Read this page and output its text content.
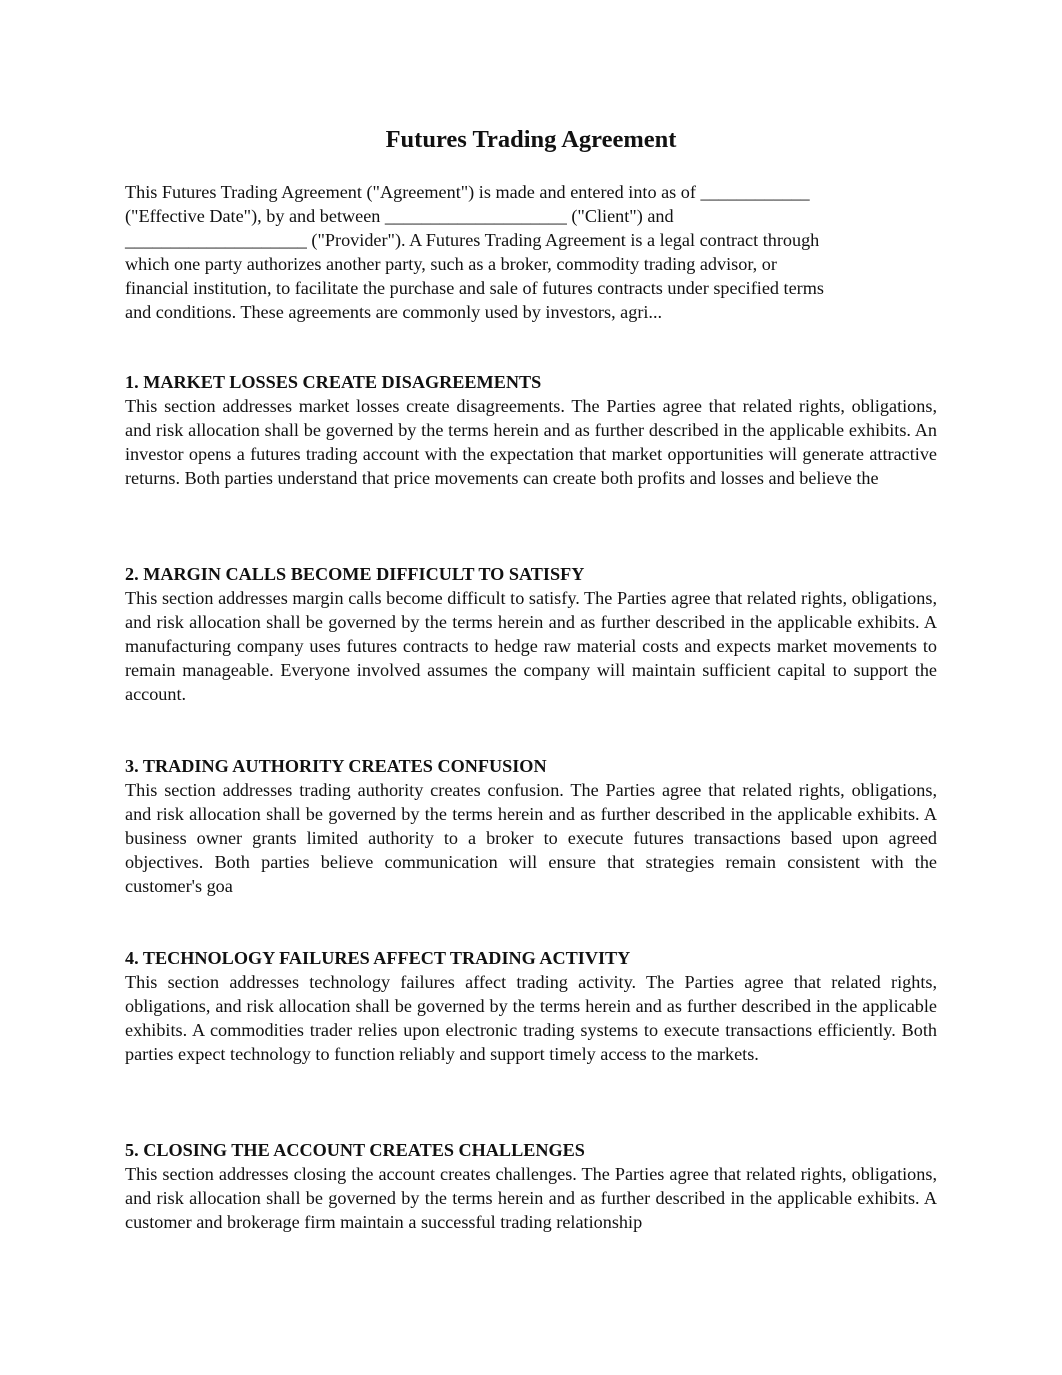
Futures Trading Agreement

This Futures Trading Agreement ("Agreement") is made and entered into as of ____________
("Effective Date"), by and between ____________________ ("Client") and
____________________ ("Provider"). A Futures Trading Agreement is a legal contract through
which one party authorizes another party, such as a broker, commodity trading advisor, or
financial institution, to facilitate the purchase and sale of futures contracts under specified terms
and conditions. These agreements are commonly used by investors, agri...

1. MARKET LOSSES CREATE DISAGREEMENTS

This section addresses market losses create disagreements. The Parties agree that related rights, obligations, and risk allocation shall be governed by the terms herein and as further described in the applicable exhibits. An investor opens a futures trading account with the expectation that market opportunities will generate attractive returns. Both parties understand that price movements can create both profits and losses and believe the

2. MARGIN CALLS BECOME DIFFICULT TO SATISFY

This section addresses margin calls become difficult to satisfy. The Parties agree that related rights, obligations, and risk allocation shall be governed by the terms herein and as further described in the applicable exhibits. A manufacturing company uses futures contracts to hedge raw material costs and expects market movements to remain manageable. Everyone involved assumes the company will maintain sufficient capital to support the account.

3. TRADING AUTHORITY CREATES CONFUSION

This section addresses trading authority creates confusion. The Parties agree that related rights, obligations, and risk allocation shall be governed by the terms herein and as further described in the applicable exhibits. A business owner grants limited authority to a broker to execute futures transactions based upon agreed objectives. Both parties believe communication will ensure that strategies remain consistent with the customer's goa

4. TECHNOLOGY FAILURES AFFECT TRADING ACTIVITY

This section addresses technology failures affect trading activity. The Parties agree that related rights, obligations, and risk allocation shall be governed by the terms herein and as further described in the applicable exhibits. A commodities trader relies upon electronic trading systems to execute transactions efficiently. Both parties expect technology to function reliably and support timely access to the markets.

5. CLOSING THE ACCOUNT CREATES CHALLENGES

This section addresses closing the account creates challenges. The Parties agree that related rights, obligations, and risk allocation shall be governed by the terms herein and as further described in the applicable exhibits. A customer and brokerage firm maintain a successful trading relationship
